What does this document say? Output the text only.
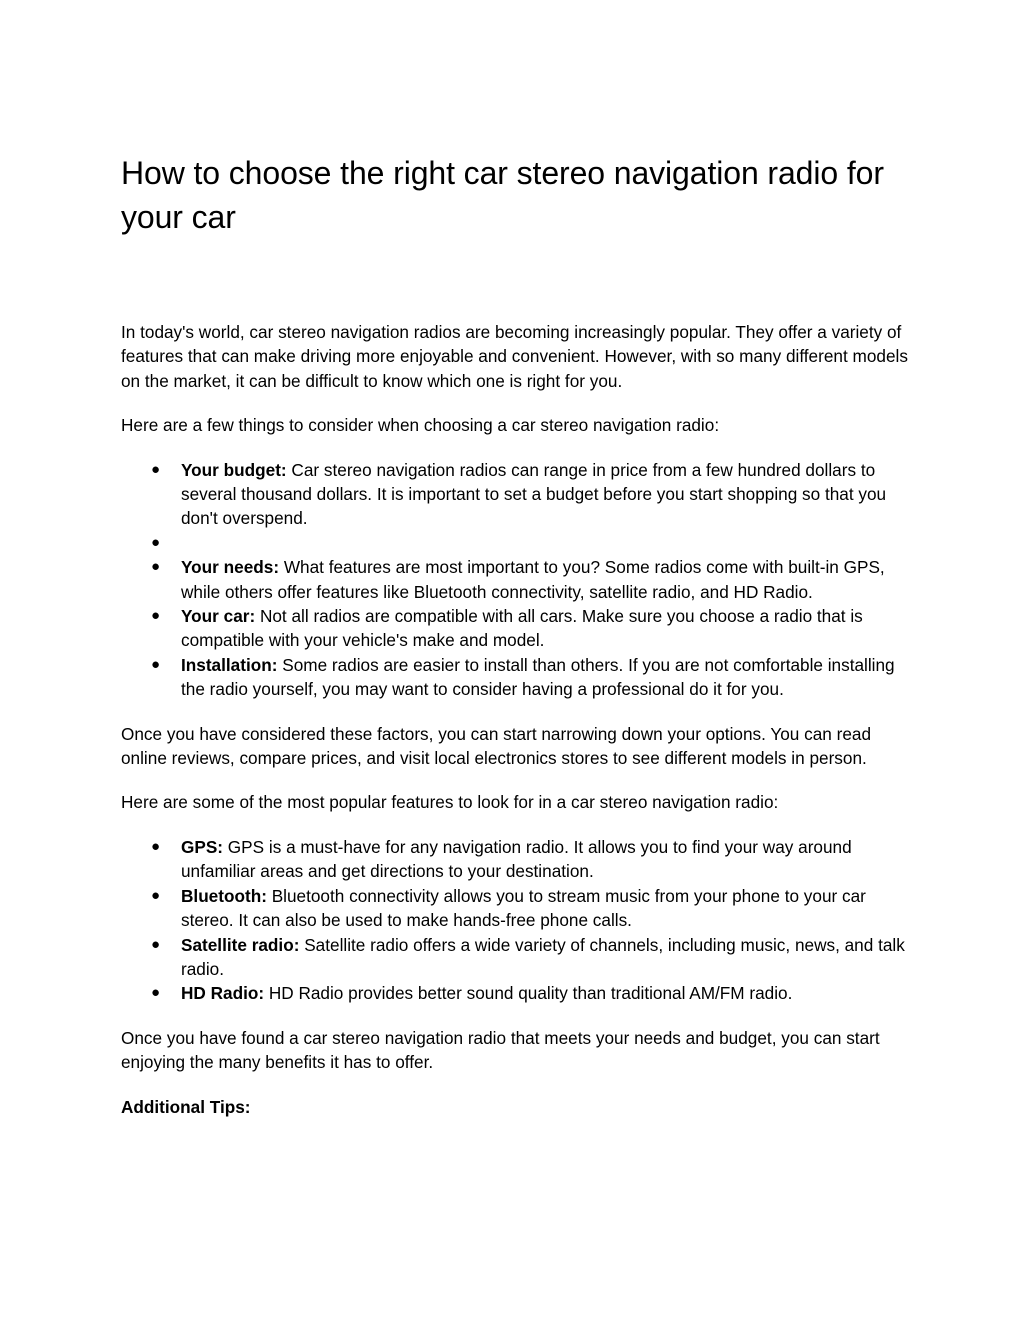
How to choose the right car stereo navigation radio for your car

In today's world, car stereo navigation radios are becoming increasingly popular. They offer a variety of features that can make driving more enjoyable and convenient. However, with so many different models on the market, it can be difficult to know which one is right for you.

Here are a few things to consider when choosing a car stereo navigation radio:

● Your budget: Car stereo navigation radios can range in price from a few hundred dollars to several thousand dollars. It is important to set a budget before you start shopping so that you don't overspend.
●
● Your needs: What features are most important to you? Some radios come with built-in GPS, while others offer features like Bluetooth connectivity, satellite radio, and HD Radio.
● Your car: Not all radios are compatible with all cars. Make sure you choose a radio that is compatible with your vehicle's make and model.
● Installation: Some radios are easier to install than others. If you are not comfortable installing the radio yourself, you may want to consider having a professional do it for you.

Once you have considered these factors, you can start narrowing down your options. You can read online reviews, compare prices, and visit local electronics stores to see different models in person.

Here are some of the most popular features to look for in a car stereo navigation radio:

● GPS: GPS is a must-have for any navigation radio. It allows you to find your way around unfamiliar areas and get directions to your destination.
● Bluetooth: Bluetooth connectivity allows you to stream music from your phone to your car stereo. It can also be used to make hands-free phone calls.
● Satellite radio: Satellite radio offers a wide variety of channels, including music, news, and talk radio.
● HD Radio: HD Radio provides better sound quality than traditional AM/FM radio.

Once you have found a car stereo navigation radio that meets your needs and budget, you can start enjoying the many benefits it has to offer.

Additional Tips:
